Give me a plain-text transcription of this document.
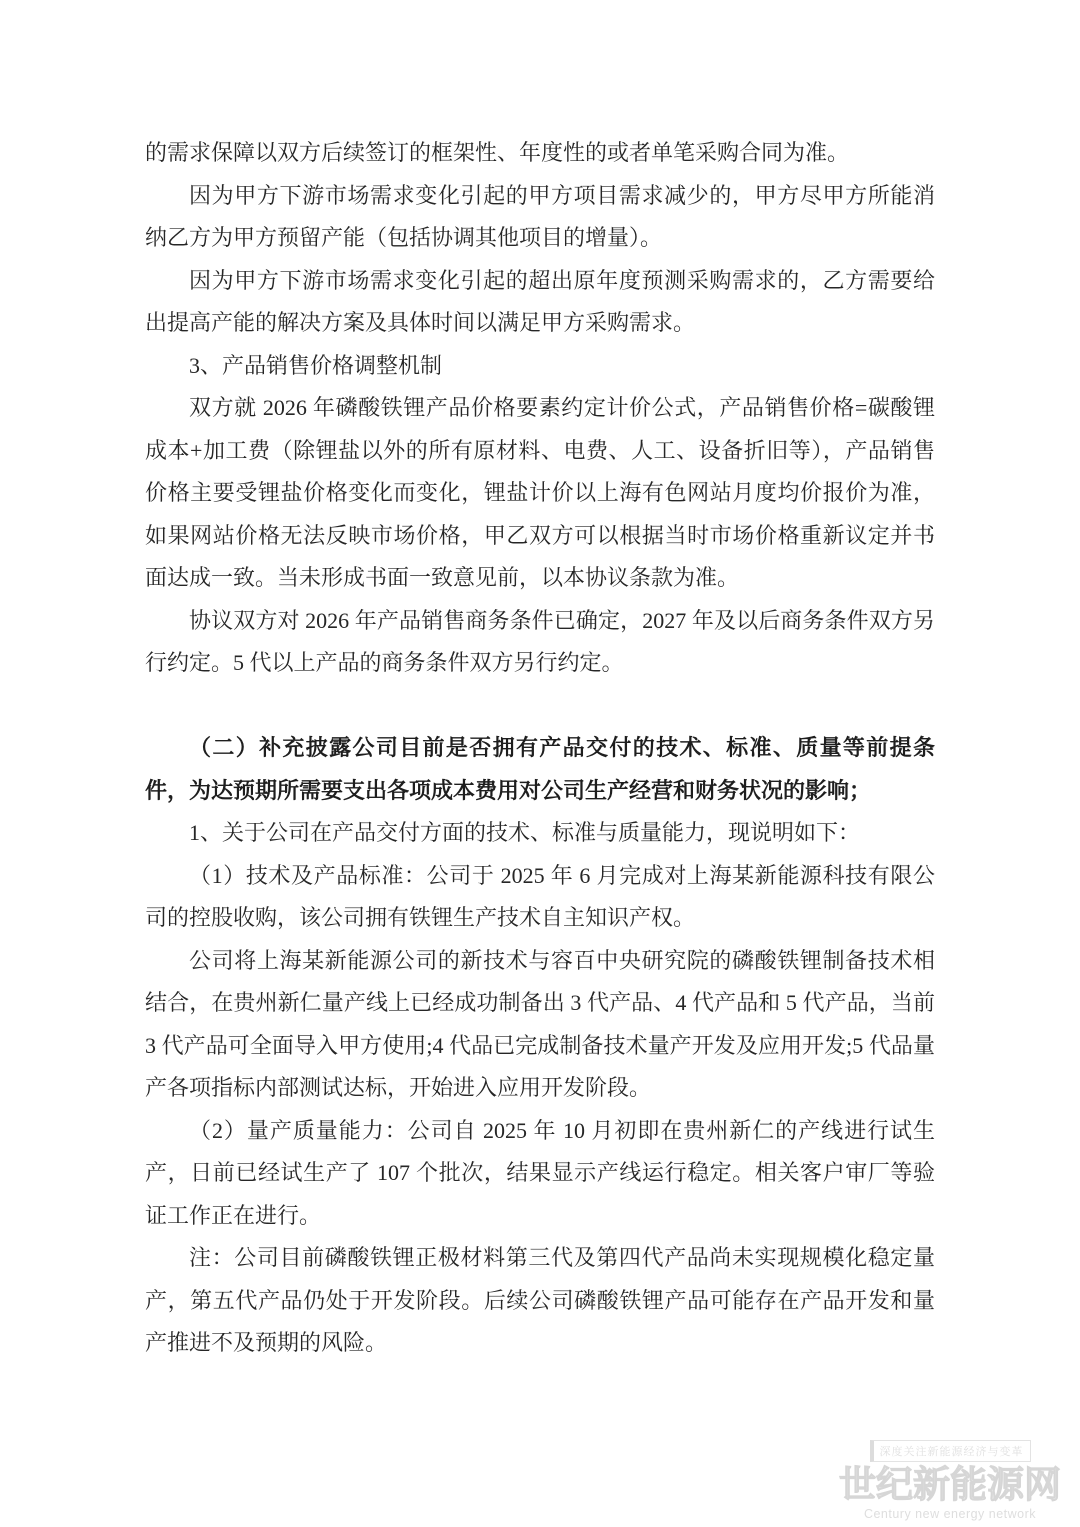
的需求保障以双方后续签订的框架性、年度性的或者单笔采购合同为准。

因为甲方下游市场需求变化引起的甲方项目需求减少的，甲方尽甲方所能消纳乙方为甲方预留产能（包括协调其他项目的增量）。

因为甲方下游市场需求变化引起的超出原年度预测采购需求的，乙方需要给出提高产能的解决方案及具体时间以满足甲方采购需求。

3、产品销售价格调整机制

双方就 2026 年磷酸铁锂产品价格要素约定计价公式，产品销售价格=碳酸锂成本+加工费（除锂盐以外的所有原材料、电费、人工、设备折旧等），产品销售价格主要受锂盐价格变化而变化，锂盐计价以上海有色网站月度均价报价为准，如果网站价格无法反映市场价格，甲乙双方可以根据当时市场价格重新议定并书面达成一致。当未形成书面一致意见前，以本协议条款为准。

协议双方对 2026 年产品销售商务条件已确定，2027 年及以后商务条件双方另行约定。5 代以上产品的商务条件双方另行约定。

（二）补充披露公司目前是否拥有产品交付的技术、标准、质量等前提条件，为达预期所需要支出各项成本费用对公司生产经营和财务状况的影响；

1、关于公司在产品交付方面的技术、标准与质量能力，现说明如下：

（1）技术及产品标准：公司于 2025 年 6 月完成对上海某新能源科技有限公司的控股收购，该公司拥有铁锂生产技术自主知识产权。

公司将上海某新能源公司的新技术与容百中央研究院的磷酸铁锂制备技术相结合，在贵州新仁量产线上已经成功制备出 3 代产品、4 代产品和 5 代产品，当前 3 代产品可全面导入甲方使用;4 代品已完成制备技术量产开发及应用开发;5 代品量产各项指标内部测试达标，开始进入应用开发阶段。

（2）量产质量能力：公司自 2025 年 10 月初即在贵州新仁的产线进行试生产，日前已经试生产了 107 个批次，结果显示产线运行稳定。相关客户审厂等验证工作正在进行。

注：公司目前磷酸铁锂正极材料第三代及第四代产品尚未实现规模化稳定量产，第五代产品仍处于开发阶段。后续公司磷酸铁锂产品可能存在产品开发和量产推进不及预期的风险。

深度关注新能源经济与变革
世纪新能源网
Century new energy network
